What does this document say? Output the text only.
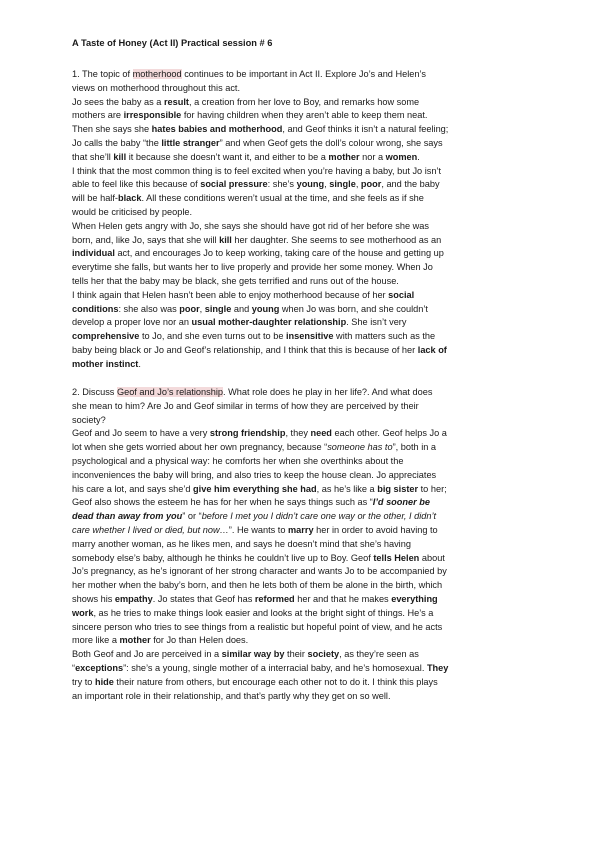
A Taste of Honey (Act II) Practical session # 6
1. The topic of motherhood continues to be important in Act II. Explore Jo’s and Helen’s
views on motherhood throughout this act.
Jo sees the baby as a result, a creation from her love to Boy, and remarks how some
mothers are irresponsible for having children when they aren’t able to keep them neat.
Then she says she hates babies and motherhood, and Geof thinks it isn’t a natural feeling;
Jo calls the baby “the little stranger” and when Geof gets the doll’s colour wrong, she says
that she’ll kill it because she doesn’t want it, and either to be a mother nor a women.
I think that the most common thing is to feel excited when you’re having a baby, but Jo isn’t
able to feel like this because of social pressure: she’s young, single, poor, and the baby
will be half-black. All these conditions weren’t usual at the time, and she feels as if she
would be criticised by people.
When Helen gets angry with Jo, she says she should have got rid of her before she was
born, and, like Jo, says that she will kill her daughter. She seems to see motherhood as an
individual act, and encourages Jo to keep working, taking care of the house and getting up
everytime she falls, but wants her to live properly and provide her some money. When Jo
tells her that the baby may be black, she gets terrified and runs out of the house.
I think again that Helen hasn’t been able to enjoy motherhood because of her social
conditions: she also was poor, single and young when Jo was born, and she couldn’t
develop a proper love nor an usual mother-daughter relationship. She isn’t very
comprehensive to Jo, and she even turns out to be insensitive with matters such as the
baby being black or Jo and Geof’s relationship, and I think that this is because of her lack of
mother instinct.
2. Discuss Geof and Jo’s relationship. What role does he play in her life?. And what does
she mean to him? Are Jo and Geof similar in terms of how they are perceived by their
society?
Geof and Jo seem to have a very strong friendship, they need each other. Geof helps Jo a
lot when she gets worried about her own pregnancy, because “someone has to”, both in a
psychological and a physical way: he comforts her when she overthinks about the
inconveniences the baby will bring, and also tries to keep the house clean. Jo appreciates
his care a lot, and says she’d give him everything she had, as he’s like a big sister to her;
Geof also shows the esteem he has for her when he says things such as “I’d sooner be
dead than away from you” or “before I met you I didn’t care one way or the other, I didn’t
care whether I lived or died, but now…”. He wants to marry her in order to avoid having to
marry another woman, as he likes men, and says he doesn’t mind that she’s having
somebody else’s baby, although he thinks he couldn’t live up to Boy. Geof tells Helen about
Jo’s pregnancy, as he’s ignorant of her strong character and wants Jo to be accompanied by
her mother when the baby’s born, and then he lets both of them be alone in the birth, which
shows his empathy. Jo states that Geof has reformed her and that he makes everything
work, as he tries to make things look easier and looks at the bright sight of things. He’s a
sincere person who tries to see things from a realistic but hopeful point of view, and he acts
more like a mother for Jo than Helen does.
Both Geof and Jo are perceived in a similar way by their society, as they’re seen as
“exceptions”: she’s a young, single mother of a interracial baby, and he’s homosexual. They
try to hide their nature from others, but encourage each other not to do it. I think this plays
an important role in their relationship, and that’s partly why they get on so well.
